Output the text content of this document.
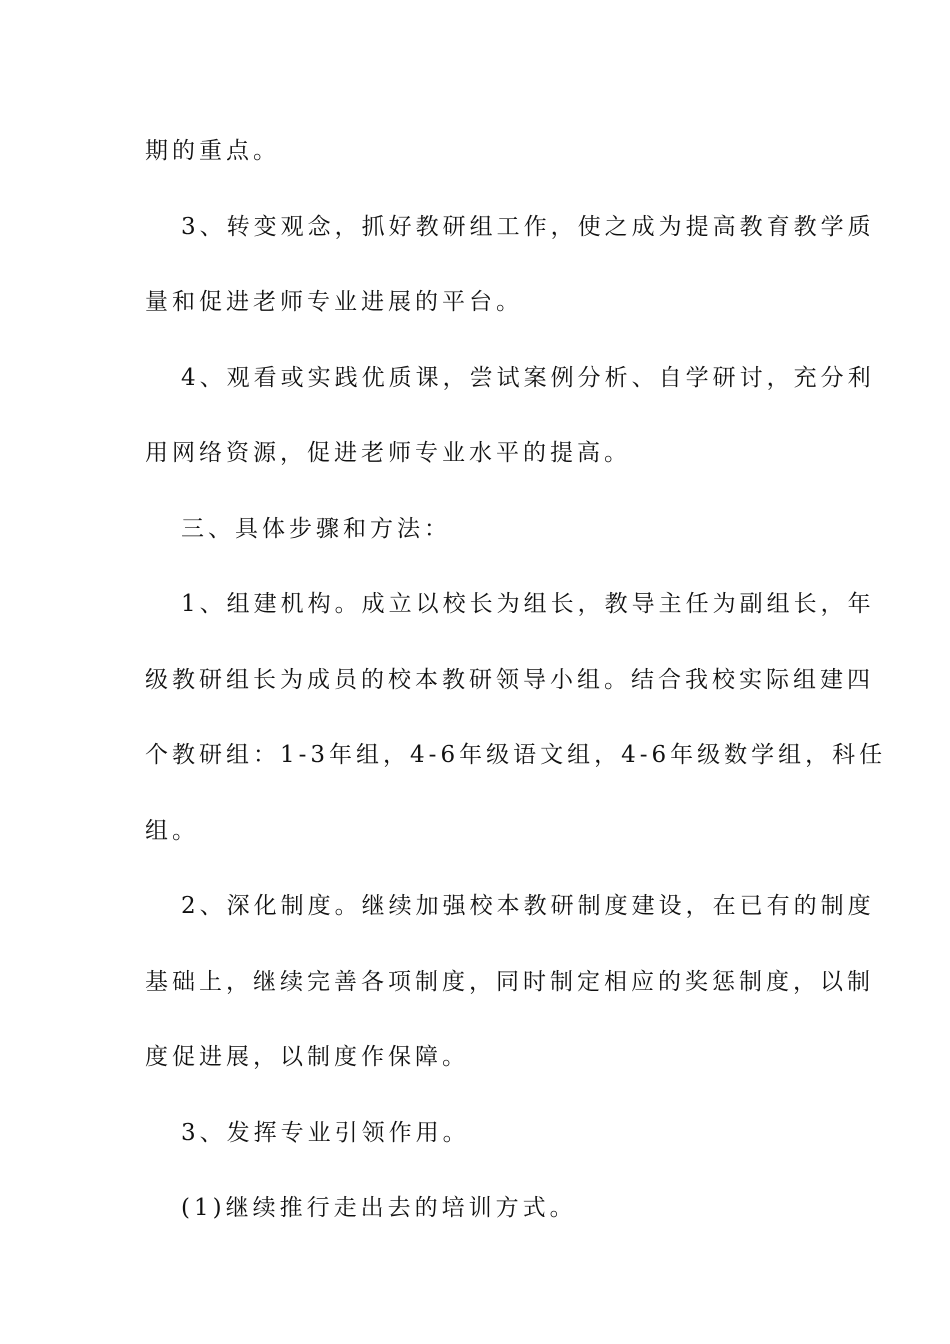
期的重点。
3、转变观念，抓好教研组工作，使之成为提高教育教学质
量和促进老师专业进展的平台。
4、观看或实践优质课，尝试案例分析、自学研讨，充分利
用网络资源，促进老师专业水平的提高。
三、具体步骤和方法：
1、组建机构。成立以校长为组长，教导主任为副组长，年
级教研组长为成员的校本教研领导小组。结合我校实际组建四
个教研组：1-3年组，4-6年级语文组，4-6年级数学组，科任
组。
2、深化制度。继续加强校本教研制度建设，在已有的制度
基础上，继续完善各项制度，同时制定相应的奖惩制度，以制
度促进展，以制度作保障。
3、发挥专业引领作用。
(1)继续推行走出去的培训方式。
